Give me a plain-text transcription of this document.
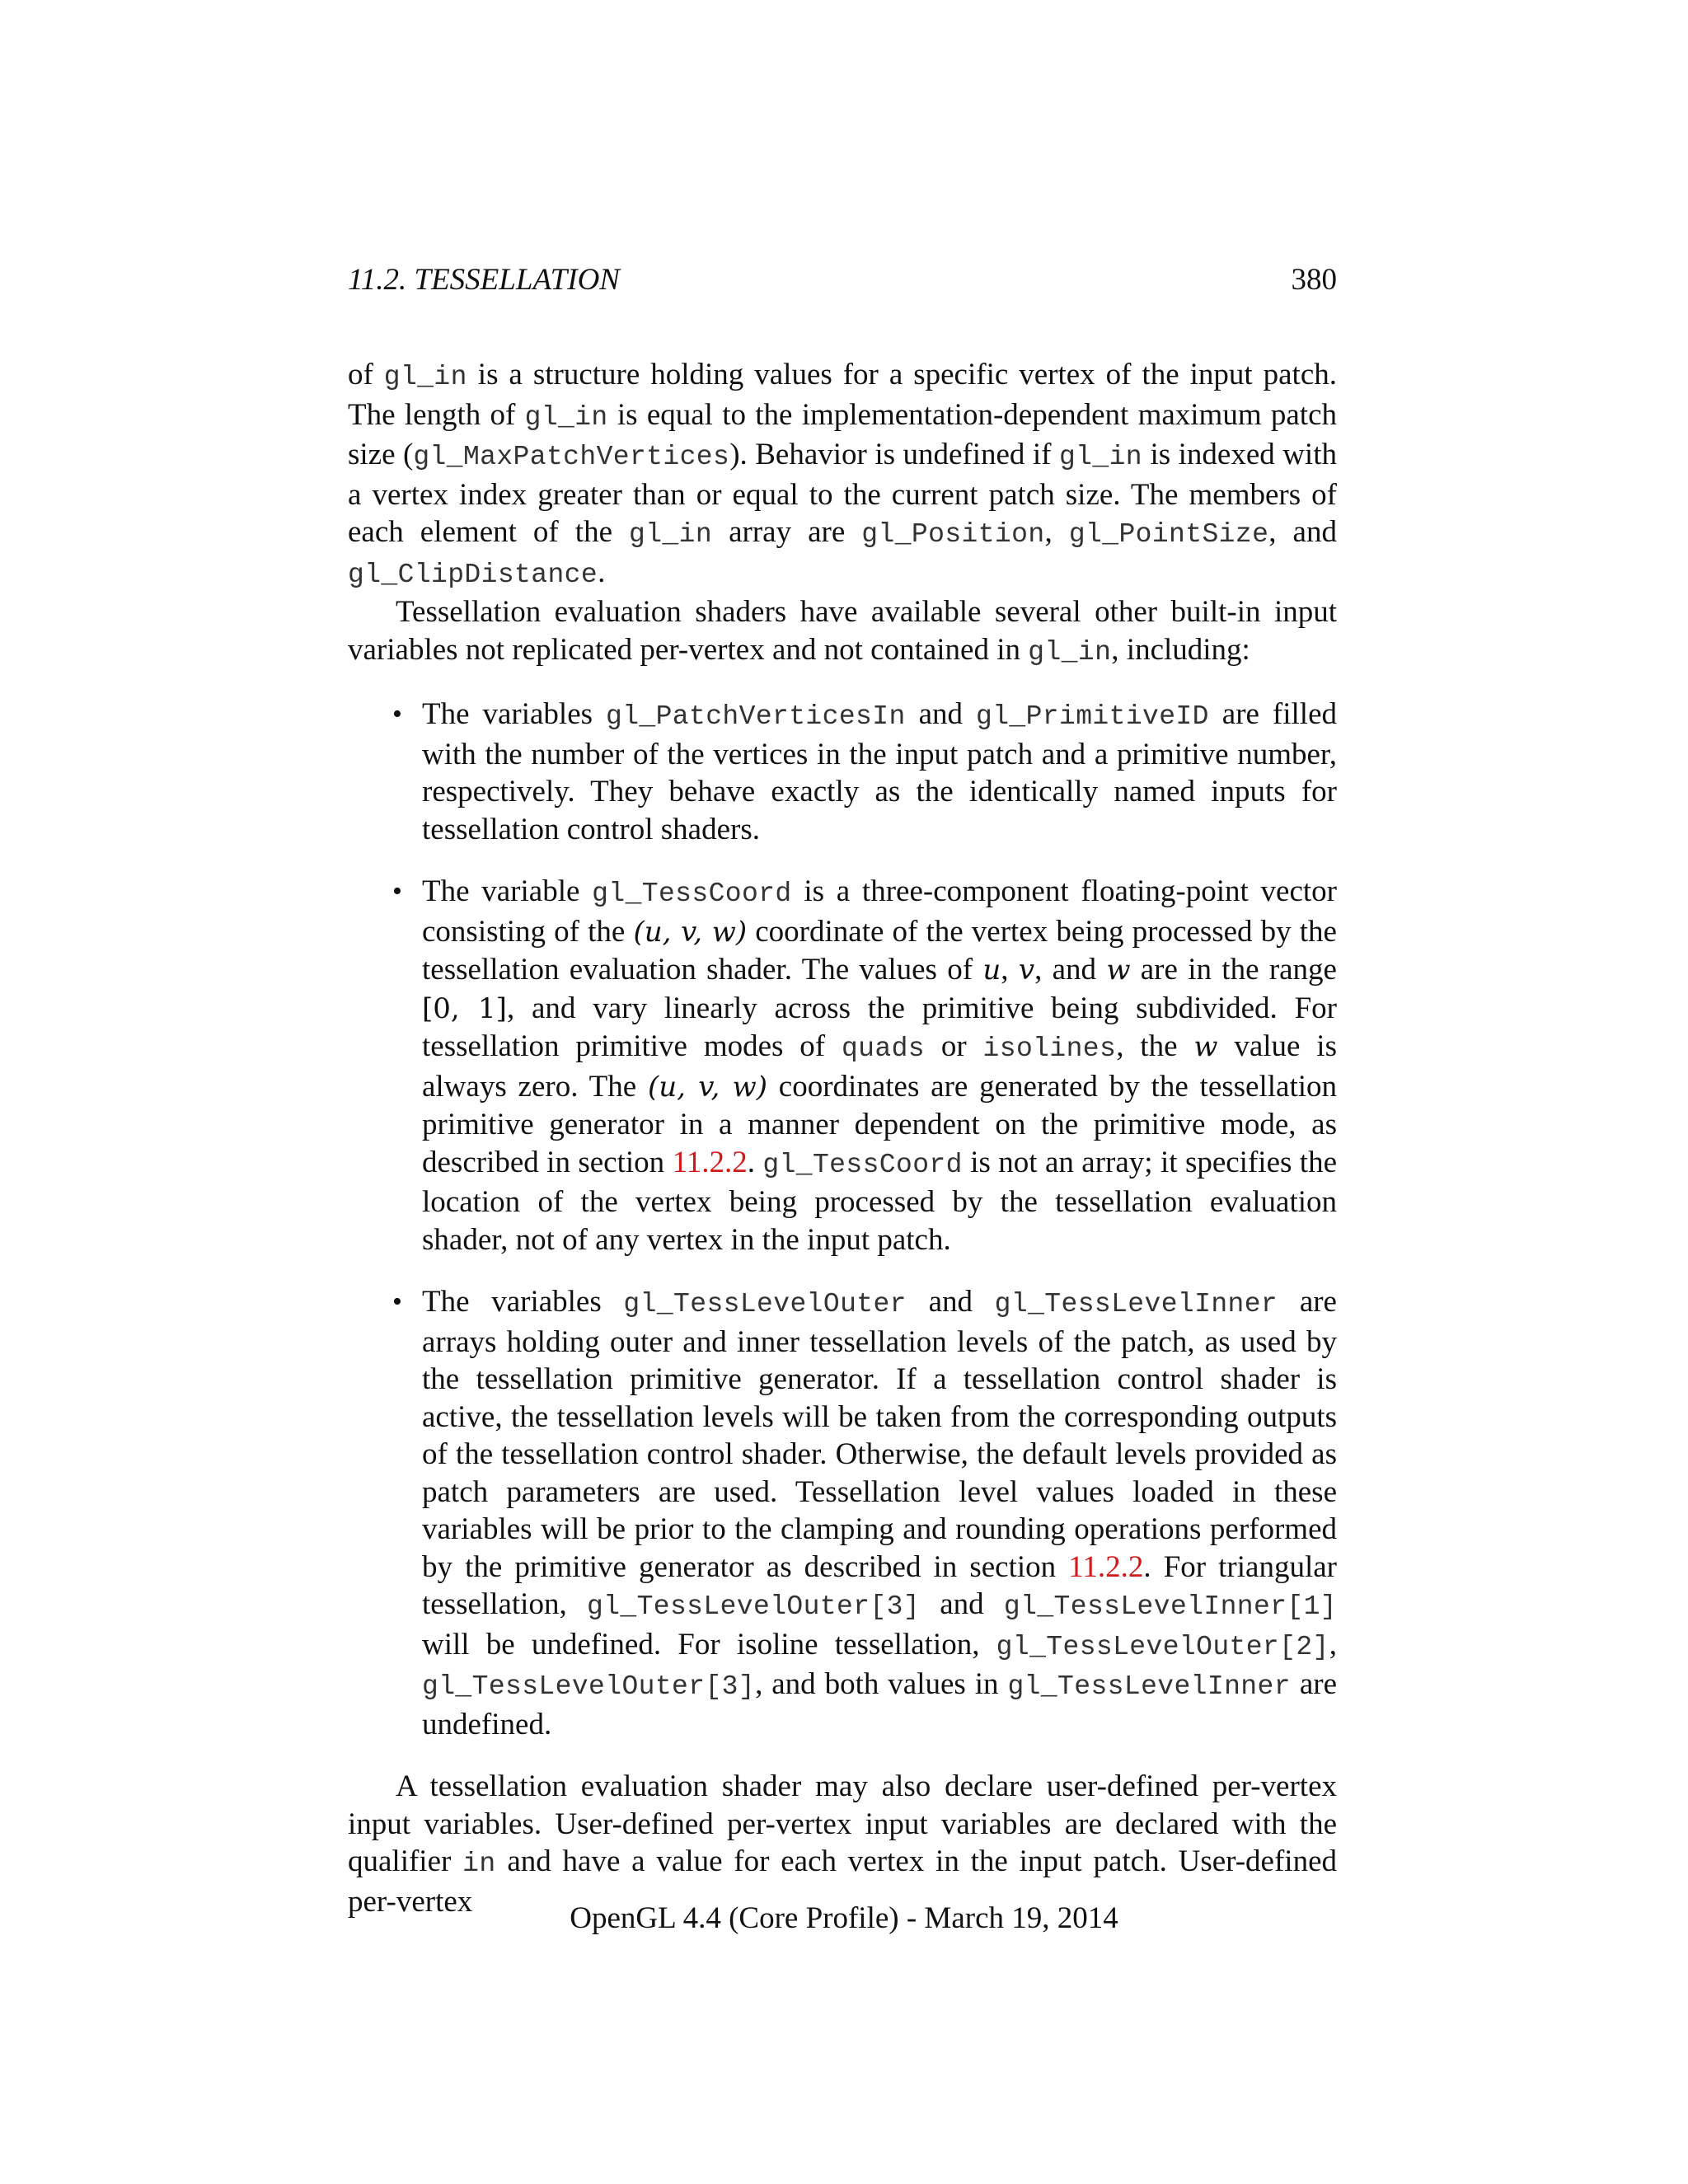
11.2. TESSELLATION	380

of gl_in is a structure holding values for a specific vertex of the input patch. The length of gl_in is equal to the implementation-dependent maximum patch size (gl_MaxPatchVertices). Behavior is undefined if gl_in is indexed with a vertex index greater than or equal to the current patch size. The members of each element of the gl_in array are gl_Position, gl_PointSize, and gl_ClipDistance.

Tessellation evaluation shaders have available several other built-in input variables not replicated per-vertex and not contained in gl_in, including:

• The variables gl_PatchVerticesIn and gl_PrimitiveID are filled with the number of the vertices in the input patch and a primitive number, respectively. They behave exactly as the identically named inputs for tessellation control shaders.
• The variable gl_TessCoord is a three-component floating-point vector consisting of the (u, v, w) coordinate of the vertex being processed by the tessellation evaluation shader. The values of u, v, and w are in the range [0, 1], and vary linearly across the primitive being subdivided. For tessellation primitive modes of quads or isolines, the w value is always zero. The (u, v, w) coordinates are generated by the tessellation primitive generator in a manner dependent on the primitive mode, as described in section 11.2.2. gl_TessCoord is not an array; it specifies the location of the vertex being processed by the tessellation evaluation shader, not of any vertex in the input patch.
• The variables gl_TessLevelOuter and gl_TessLevelInner are arrays holding outer and inner tessellation levels of the patch, as used by the tessellation primitive generator. If a tessellation control shader is active, the tessellation levels will be taken from the corresponding outputs of the tessellation control shader. Otherwise, the default levels provided as patch parameters are used. Tessellation level values loaded in these variables will be prior to the clamping and rounding operations performed by the primitive generator as described in section 11.2.2. For triangular tessellation, gl_TessLevelOuter[3] and gl_TessLevelInner[1] will be undefined. For isoline tessellation, gl_TessLevelOuter[2], gl_TessLevelOuter[3], and both values in gl_TessLevelInner are undefined.

A tessellation evaluation shader may also declare user-defined per-vertex input variables. User-defined per-vertex input variables are declared with the qualifier in and have a value for each vertex in the input patch. User-defined per-vertex	OpenGL 4.4 (Core Profile) - March 19, 2014
